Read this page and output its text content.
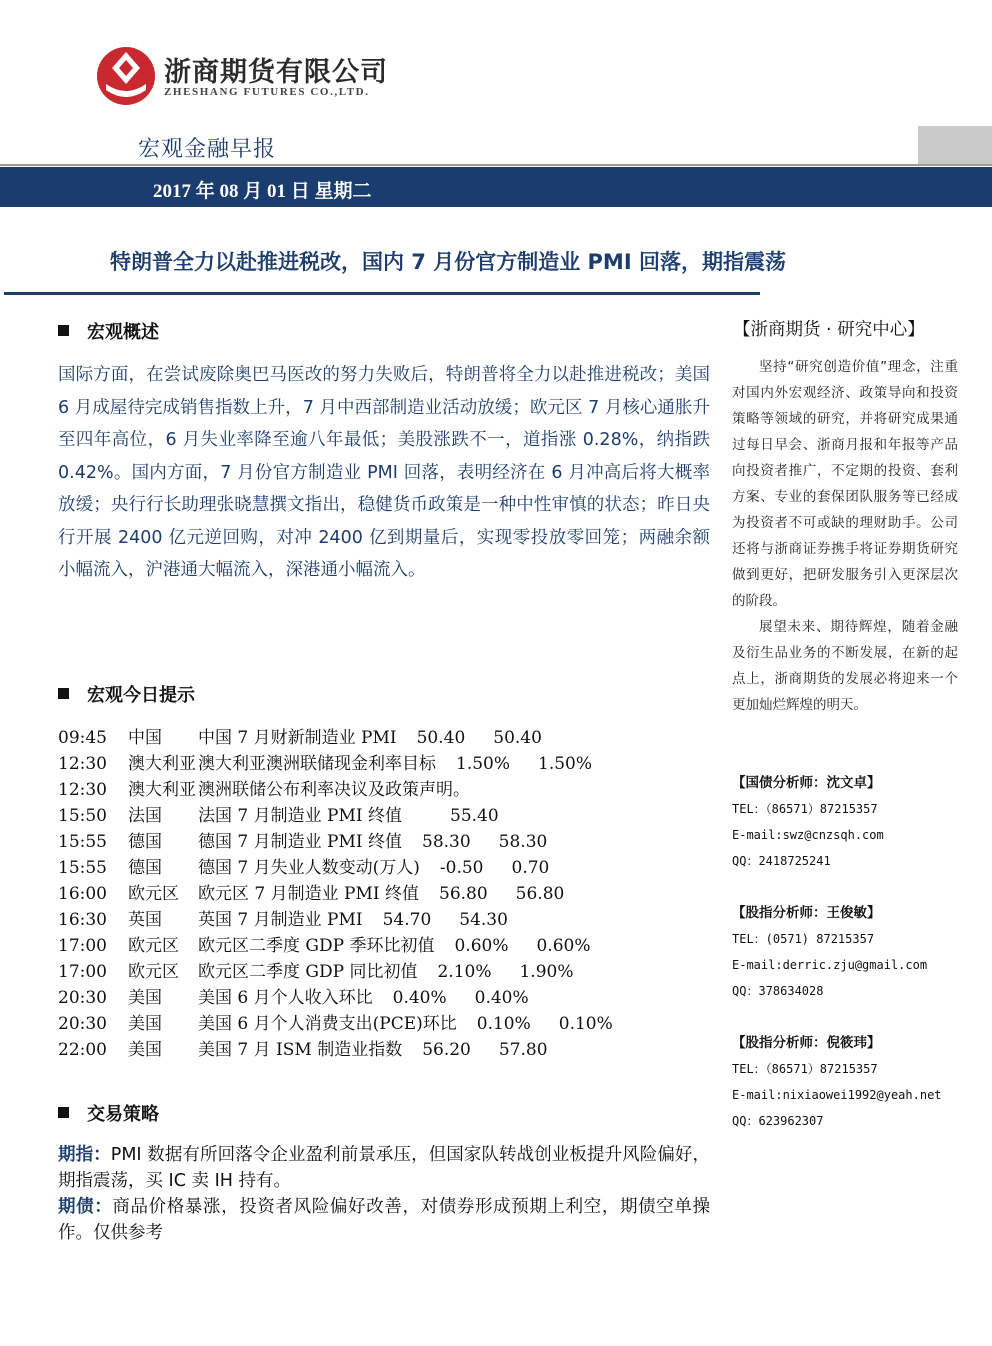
浙商期货有限公司
ZHESHANG FUTURES CO.,LTD.
宏观金融早报
2017 年 08 月 01 日 星期二
特朗普全力以赴推进税改，国内 7 月份官方制造业 PMI 回落，期指震荡
宏观概述
国际方面，在尝试废除奥巴马医改的努力失败后，特朗普将全力以赴推进税改；美国 6 月成屋待完成销售指数上升，7 月中西部制造业活动放缓；欧元区 7 月核心通胀升至四年高位，6 月失业率降至逾八年最低；美股涨跌不一，道指涨 0.28%，纳指跌 0.42%。国内方面，7 月份官方制造业 PMI 回落，表明经济在 6 月冲高后将大概率放缓；央行行长助理张晓慧撰文指出，稳健货币政策是一种中性审慎的状态；昨日央行开展 2400 亿元逆回购，对冲 2400 亿到期量后，实现零投放零回笼；两融余额小幅流入，沪港通大幅流入，深港通小幅流入。
宏观今日提示
09:45 中国 中国 7 月财新制造业 PMI 50.40 50.40
12:30 澳大利亚 澳大利亚澳洲联储现金利率目标 1.50% 1.50%
12:30 澳大利亚 澳洲联储公布利率决议及政策声明。
15:50 法国 法国 7 月制造业 PMI 终值	55.40
15:55 德国 德国 7 月制造业 PMI 终值 58.30 58.30
15:55 德国 德国 7 月失业人数变动(万人) -0.50 0.70
16:00 欧元区 欧元区 7 月制造业 PMI 终值 56.80 56.80
16:30 英国 英国 7 月制造业 PMI 54.70 54.30
17:00 欧元区 欧元区二季度 GDP 季环比初值 0.60% 0.60%
17:00 欧元区 欧元区二季度 GDP 同比初值 2.10% 1.90%
20:30 美国 美国 6 月个人收入环比 0.40% 0.40%
20:30 美国 美国 6 月个人消费支出(PCE)环比 0.10% 0.10%
22:00 美国 美国 7 月 ISM 制造业指数 56.20 57.80
交易策略
期指：PMI 数据有所回落令企业盈利前景承压，但国家队转战创业板提升风险偏好，期指震荡，买 IC 卖 IH 持有。
期债：商品价格暴涨，投资者风险偏好改善，对债券形成预期上利空，期债空单操作。仅供参考
【浙商期货 · 研究中心】
坚持“研究创造价值”理念，注重对国内外宏观经济、政策导向和投资策略等领域的研究，并将研究成果通过每日早会、浙商月报和年报等产品向投资者推广，不定期的投资、套利方案、专业的套保团队服务等已经成为投资者不可或缺的理财助手。公司还将与浙商证券携手将证券期货研究做到更好，把研发服务引入更深层次的阶段。
展望未来、期待辉煌，随着金融及衍生品业务的不断发展，在新的起点上，浙商期货的发展必将迎来一个更加灿烂辉煌的明天。
【国债分析师：沈文卓】
TEL：（86571）87215357
E-mail:swz@cnzsqh.com
QQ：2418725241
【股指分析师：王俊敏】
TEL：(0571) 87215357
E-mail:derric.zju@gmail.com
QQ：378634028
【股指分析师：倪筱玮】
TEL：（86571）87215357
E-mail:nixiaowei1992@yeah.net
QQ：623962307
